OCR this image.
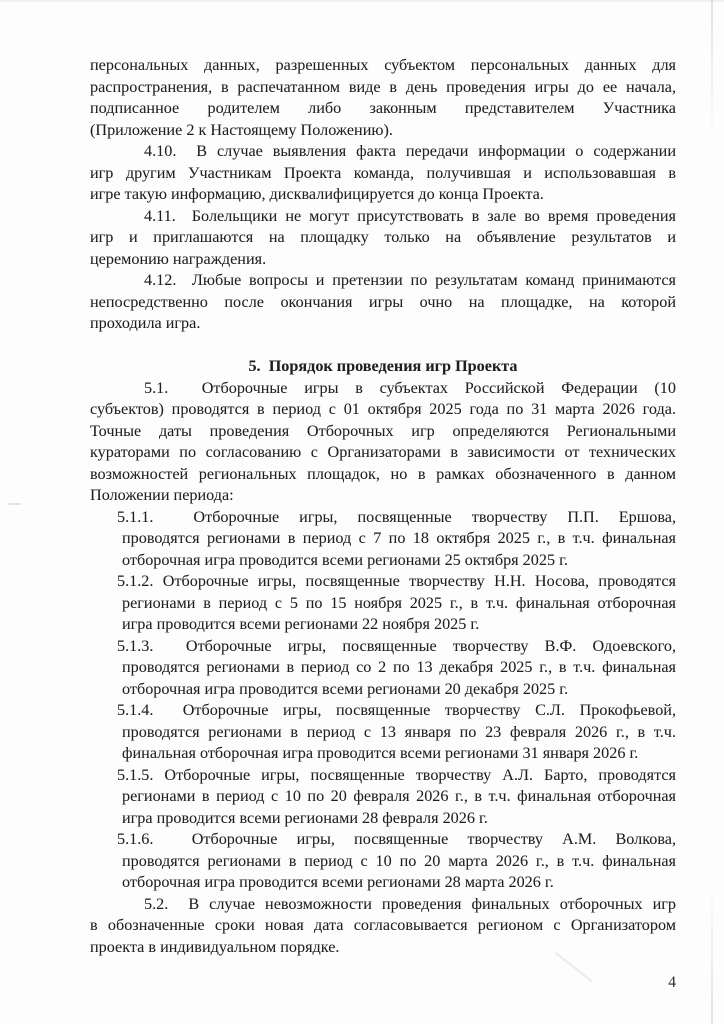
персональных данных, разрешенных субъектом персональных данных для
распространения, в распечатанном виде в день проведения игры до ее начала,
подписанное родителем либо законным представителем Участника
(Приложение 2 к Настоящему Положению).
4.10.  В случае выявления факта передачи информации о содержании
игр другим Участникам Проекта команда, получившая и использовавшая в
игре такую информацию, дисквалифицируется до конца Проекта.
4.11.  Болельщики не могут присутствовать в зале во время проведения
игр и приглашаются на площадку только на объявление результатов и
церемонию награждения.
4.12.  Любые вопросы и претензии по результатам команд принимаются
непосредственно после окончания игры очно на площадке, на которой
проходила игра.
5.  Порядок проведения игр Проекта
5.1.  Отборочные игры в субъектах Российской Федерации (10
субъектов) проводятся в период с 01 октября 2025 года по 31 марта 2026 года.
Точные даты проведения Отборочных игр определяются Региональными
кураторами по согласованию с Организаторами в зависимости от технических
возможностей региональных площадок, но в рамках обозначенного в данном
Положении периода:
5.1.1.  Отборочные игры, посвященные творчеству П.П. Ершова,
проводятся регионами в период с 7 по 18 октября 2025 г., в т.ч. финальная
отборочная игра проводится всеми регионами 25 октября 2025 г.
5.1.2. Отборочные игры, посвященные творчеству Н.Н. Носова, проводятся
регионами в период с 5 по 15 ноября 2025 г., в т.ч. финальная отборочная
игра проводится всеми регионами 22 ноября 2025 г.
5.1.3.  Отборочные игры, посвященные творчеству В.Ф. Одоевского,
проводятся регионами в период со 2 по 13 декабря 2025 г., в т.ч. финальная
отборочная игра проводится всеми регионами 20 декабря 2025 г.
5.1.4.  Отборочные игры, посвященные творчеству С.Л. Прокофьевой,
проводятся регионами в период с 13 января по 23 февраля 2026 г., в т.ч.
финальная отборочная игра проводится всеми регионами 31 января 2026 г.
5.1.5. Отборочные игры, посвященные творчеству А.Л. Барто, проводятся
регионами в период с 10 по 20 февраля 2026 г., в т.ч. финальная отборочная
игра проводится всеми регионами 28 февраля 2026 г.
5.1.6.  Отборочные игры, посвященные творчеству А.М. Волкова,
проводятся регионами в период с 10 по 20 марта 2026 г., в т.ч. финальная
отборочная игра проводится всеми регионами 28 марта 2026 г.
5.2.  В случае невозможности проведения финальных отборочных игр
в обозначенные сроки новая дата согласовывается регионом с Организатором
проекта в индивидуальном порядке.
4
